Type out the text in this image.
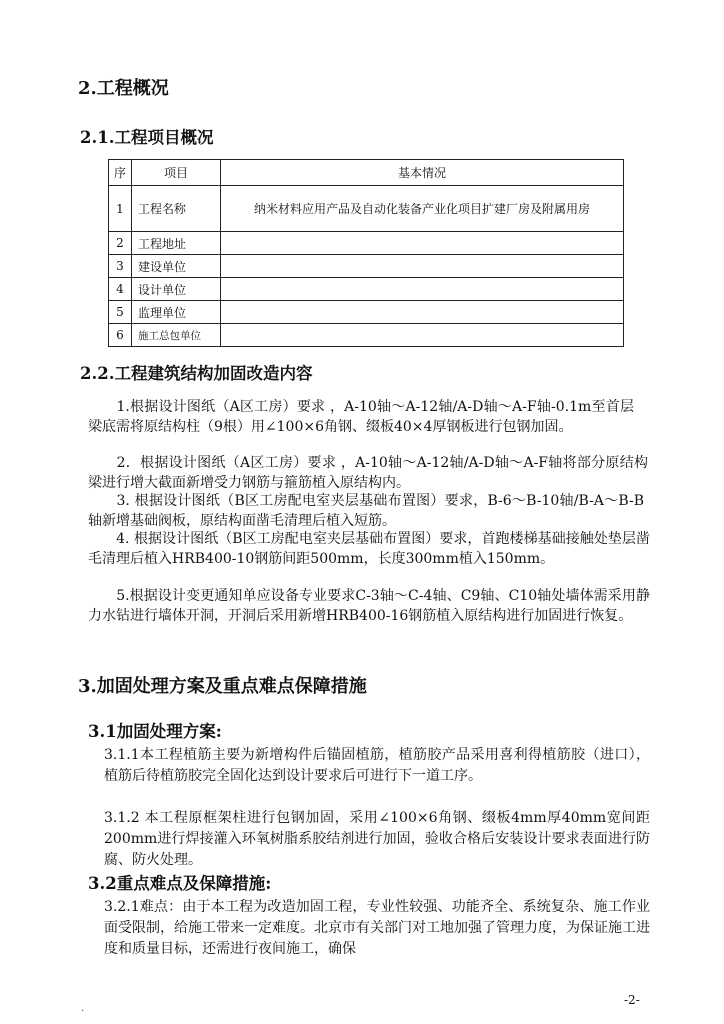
2.工程概况
2.1.工程项目概况
序	项目	基本情况
1	工程名称	纳米材料应用产品及自动化装备产业化项目扩建厂房及附属用房
2	工程地址	
3	建设单位	
4	设计单位	
5	监理单位	
6	施工总包单位	
2.2.工程建筑结构加固改造内容

　　1.根据设计图纸（A区工房）要求 ，A-10轴～A-12轴/A-D轴～A-F轴-0.1m至首层梁底需将原结构柱（9根）用∠100×6角钢、缀板40×4厚钢板进行包钢加固。

　　2．根据设计图纸（A区工房）要求 ，A-10轴～A-12轴/A-D轴～A-F轴将部分原结构梁进行增大截面新增受力钢筋与箍筋植入原结构内。

　　3. 根据设计图纸（B区工房配电室夹层基础布置图）要求，B-6～B-10轴/B-A～B-B轴新增基础阀板，原结构面凿毛清理后植入短筋。

　　4. 根据设计图纸（B区工房配电室夹层基础布置图）要求，首跑楼梯基础接触处垫层凿毛清理后植入HRB400-10钢筋间距500mm，长度300mm植入150mm。

　　5.根据设计变更通知单应设备专业要求C-3轴～C-4轴、C9轴、C10轴处墙体需采用静力水钻进行墙体开洞，开洞后采用新增HRB400-16钢筋植入原结构进行加固进行恢复。

3.加固处理方案及重点难点保障措施
3.1加固处理方案:

3.1.1本工程植筋主要为新增构件后锚固植筋，植筋胶产品采用喜利得植筋胶（进口），植筋后待植筋胶完全固化达到设计要求后可进行下一道工序。

3.1.2 本工程原框架柱进行包钢加固，采用∠100×6角钢、缀板4mm厚40mm宽间距200mm进行焊接灌入环氧树脂系胶结剂进行加固，验收合格后安装设计要求表面进行防腐、防火处理。

3.2重点难点及保障措施:

3.2.1难点：由于本工程为改造加固工程，专业性较强、功能齐全、系统复杂、施工作业面受限制，给施工带来一定难度。北京市有关部门对工地加强了管理力度，为保证施工进度和质量目标，还需进行夜间施工，确保

-2-
.
